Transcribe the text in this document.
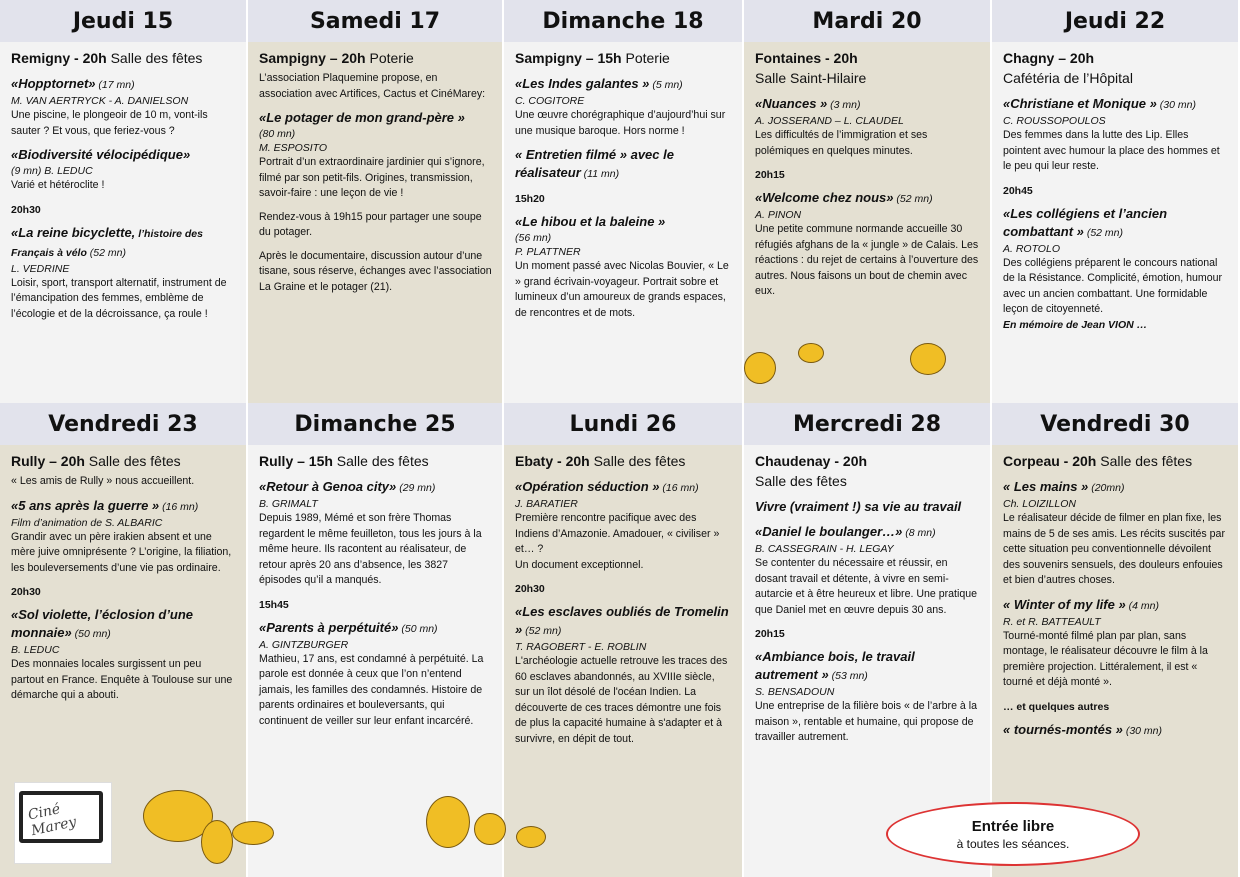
Jeudi 15	Samedi 17	Dimanche 18	Mardi 20	Jeudi 22
Remigny - 20h Salle des fêtes
«Hopptornet» (17 mn)
M. VAN AERTRYCK - A. DANIELSON
Une piscine, le plongeoir de 10 m, vont-ils sauter ? Et vous, que feriez-vous ?
«Biodiversité vélocipédique»
(9 mn) B. LEDUC
Varié et hétéroclite !
20h30
«La reine bicyclette, l’histoire des Français à vélo (52 mn)
L. VEDRINE
Loisir, sport, transport alternatif, instrument de l’émancipation des femmes, emblème de l’écologie et de la décroissance, ça roule !
Sampigny – 20h Poterie
L’association Plaquemine propose, en association avec Artifices, Cactus et CinéMarey:
«Le potager de mon grand-père »
(80 mn)
M. ESPOSITO
Portrait d’un extraordinaire jardinier qui s’ignore, filmé par son petit-fils. Origines, transmission, savoir-faire : une leçon de vie !
Rendez-vous à 19h15 pour partager une soupe du potager.
Après le documentaire, discussion autour d’une tisane, sous réserve, échanges avec l’association La Graine et le potager (21).
Sampigny – 15h Poterie
«Les Indes galantes » (5 mn)
C. COGITORE
Une œuvre chorégraphique d’aujourd’hui sur une musique baroque. Hors norme !
« Entretien filmé » avec le réalisateur (11 mn)
15h20
«Le hibou et la baleine »
(56 mn)
P. PLATTNER
Un moment passé avec Nicolas Bouvier, « Le » grand écrivain-voyageur. Portrait sobre et lumineux d’un amoureux de grands espaces, de rencontres et de mots.
Fontaines - 20h
Salle Saint-Hilaire
«Nuances » (3 mn)
A. JOSSERAND – L. CLAUDEL
Les difficultés de l’immigration et ses polémiques en quelques minutes.
20h15
«Welcome chez nous» (52 mn)
A. PINON
Une petite commune normande accueille 30 réfugiés afghans de la « jungle » de Calais. Les réactions : du rejet de certains à l’ouverture des autres. Nous faisons un bout de chemin avec eux.
Chagny – 20h
Cafétéria de l’Hôpital
«Christiane et Monique » (30 mn)
C. ROUSSOPOULOS
Des femmes dans la lutte des Lip. Elles pointent avec humour la place des hommes et le peu qui leur reste.
20h45
«Les collégiens et l’ancien combattant » (52 mn)
A. ROTOLO
Des collégiens préparent le concours national de la Résistance. Complicité, émotion, humour avec un ancien combattant. Une formidable leçon de citoyenneté.
En mémoire de Jean VION …
Vendredi 23	Dimanche 25	Lundi 26	Mercredi 28	Vendredi 30
Rully – 20h Salle des fêtes
« Les amis de Rully » nous accueillent.
«5 ans après la guerre » (16 mn)
Film d’animation de S. ALBARIC
Grandir avec un père irakien absent et une mère juive omniprésente ? L’origine, la filiation, les bouleversements d’une vie pas ordinaire.
20h30
«Sol violette, l’éclosion d’une monnaie» (50 mn)
B. LEDUC
Des monnaies locales surgissent un peu partout en France. Enquête à Toulouse sur une démarche qui a abouti.
Rully – 15h Salle des fêtes
«Retour à Genoa city» (29 mn)
B. GRIMALT
Depuis 1989, Mémé et son frère Thomas regardent le même feuilleton, tous les jours à la même heure. Ils racontent au réalisateur, de retour après 20 ans d’absence, les 3827 épisodes qu’il a manqués.
15h45
«Parents à perpétuité» (50 mn)
A. GINTZBURGER
Mathieu, 17 ans, est condamné à perpétuité. La parole est donnée à ceux que l’on n’entend jamais, les familles des condamnés. Histoire de parents ordinaires et bouleversants, qui continuent de veiller sur leur enfant incarcéré.
Ebaty - 20h Salle des fêtes
«Opération séduction » (16 mn)
J. BARATIER
Première rencontre pacifique avec des Indiens d’Amazonie. Amadouer, « civiliser » et… ?
Un document exceptionnel.
20h30
«Les esclaves oubliés de Tromelin » (52 mn)
T. RAGOBERT - E. ROBLIN
L'archéologie actuelle retrouve les traces des 60 esclaves abandonnés, au XVIIIe siècle, sur un îlot désolé de l'océan Indien. La découverte de ces traces démontre une fois de plus la capacité humaine à s'adapter et à survivre, en dépit de tout.
Chaudenay - 20h
Salle des fêtes
Vivre (vraiment !) sa vie au travail
«Daniel le boulanger…» (8 mn)
B. CASSEGRAIN - H. LEGAY
Se contenter du nécessaire et réussir, en dosant travail et détente, à vivre en semi-autarcie et à être heureux et libre. Une pratique que Daniel met en œuvre depuis 30 ans.
20h15
«Ambiance bois, le travail autrement » (53 mn)
S. BENSADOUN
Une entreprise de la filière bois « de l’arbre à la maison », rentable et humaine, qui propose de travailler autrement.
Corpeau - 20h Salle des fêtes
« Les mains » (20mn)
Ch. LOIZILLON
Le réalisateur décide de filmer en plan fixe, les mains de 5 de ses amis. Les récits suscités par cette situation peu conventionnelle dévoilent des souvenirs sensuels, des douleurs enfouies et bien d’autres choses.
« Winter of my life » (4 mn)
R. et R. BATTEAULT
Tourné-monté filmé plan par plan, sans montage, le réalisateur découvre le film à la première projection. Littéralement, il est « tourné et déjà monté ».
… et quelques autres
« tournés-montés » (30 mn)
Ciné Marey	Entrée libre
à toutes les séances.
